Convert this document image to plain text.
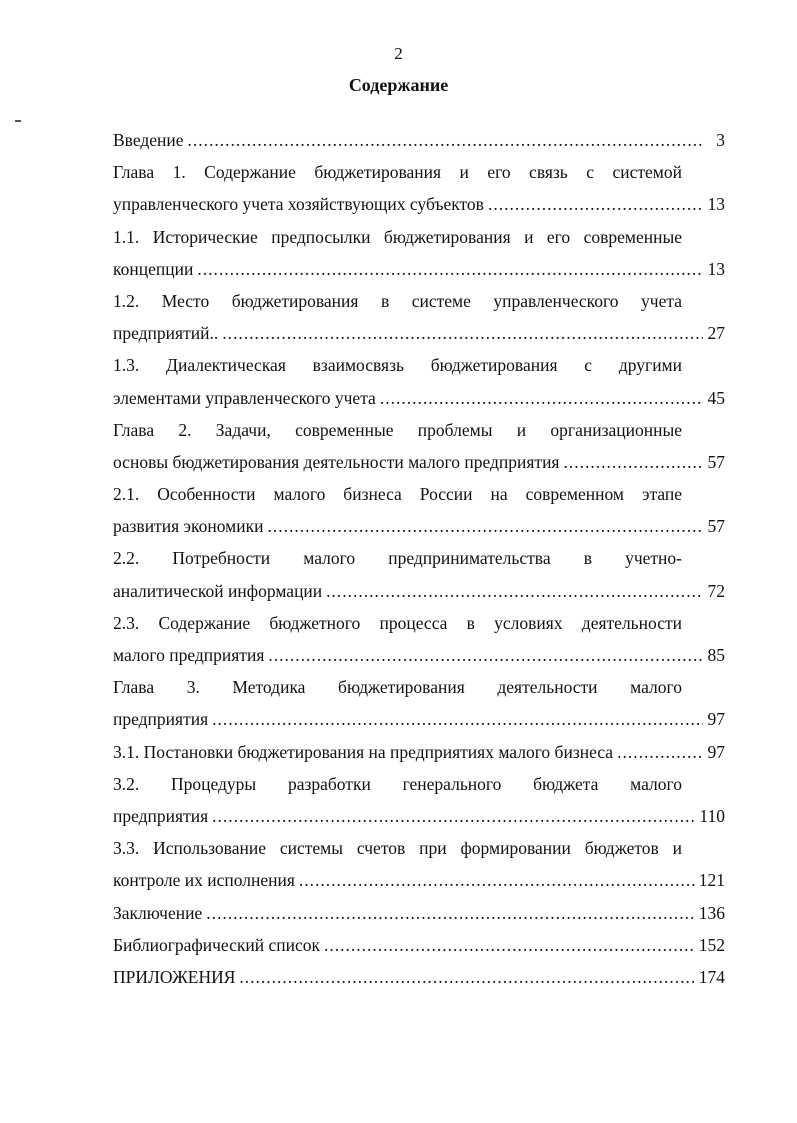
2
Содержание
Введение .....	3
Глава 1. Содержание бюджетирования и его связь с системой
управленческого учета хозяйствующих субъектов .....	13
1.1. Исторические предпосылки бюджетирования и его современные
концепции .....	13
1.2. Место бюджетирования в системе управленческого учета
предприятий.. .....	27
1.3. Диалектическая взаимосвязь бюджетирования с другими
элементами управленческого учета .....	45
Глава 2. Задачи, современные проблемы и организационные
основы бюджетирования деятельности малого предприятия .....	57
2.1. Особенности малого бизнеса России на современном этапе
развития экономики .....	57
2.2. Потребности малого предпринимательства в учетно-
аналитической информации .....	72
2.3. Содержание бюджетного процесса в условиях деятельности
малого предприятия .....	85
Глава 3. Методика бюджетирования деятельности малого
предприятия .....	97
3.1. Постановки бюджетирования на предприятиях малого бизнеса .....	97
3.2. Процедуры разработки генерального бюджета малого
предприятия .....	110
3.3. Использование системы счетов при формировании бюджетов и
контроле их исполнения .....	121
Заключение .....	136
Библиографический список .....	152
ПРИЛОЖЕНИЯ .....	174
